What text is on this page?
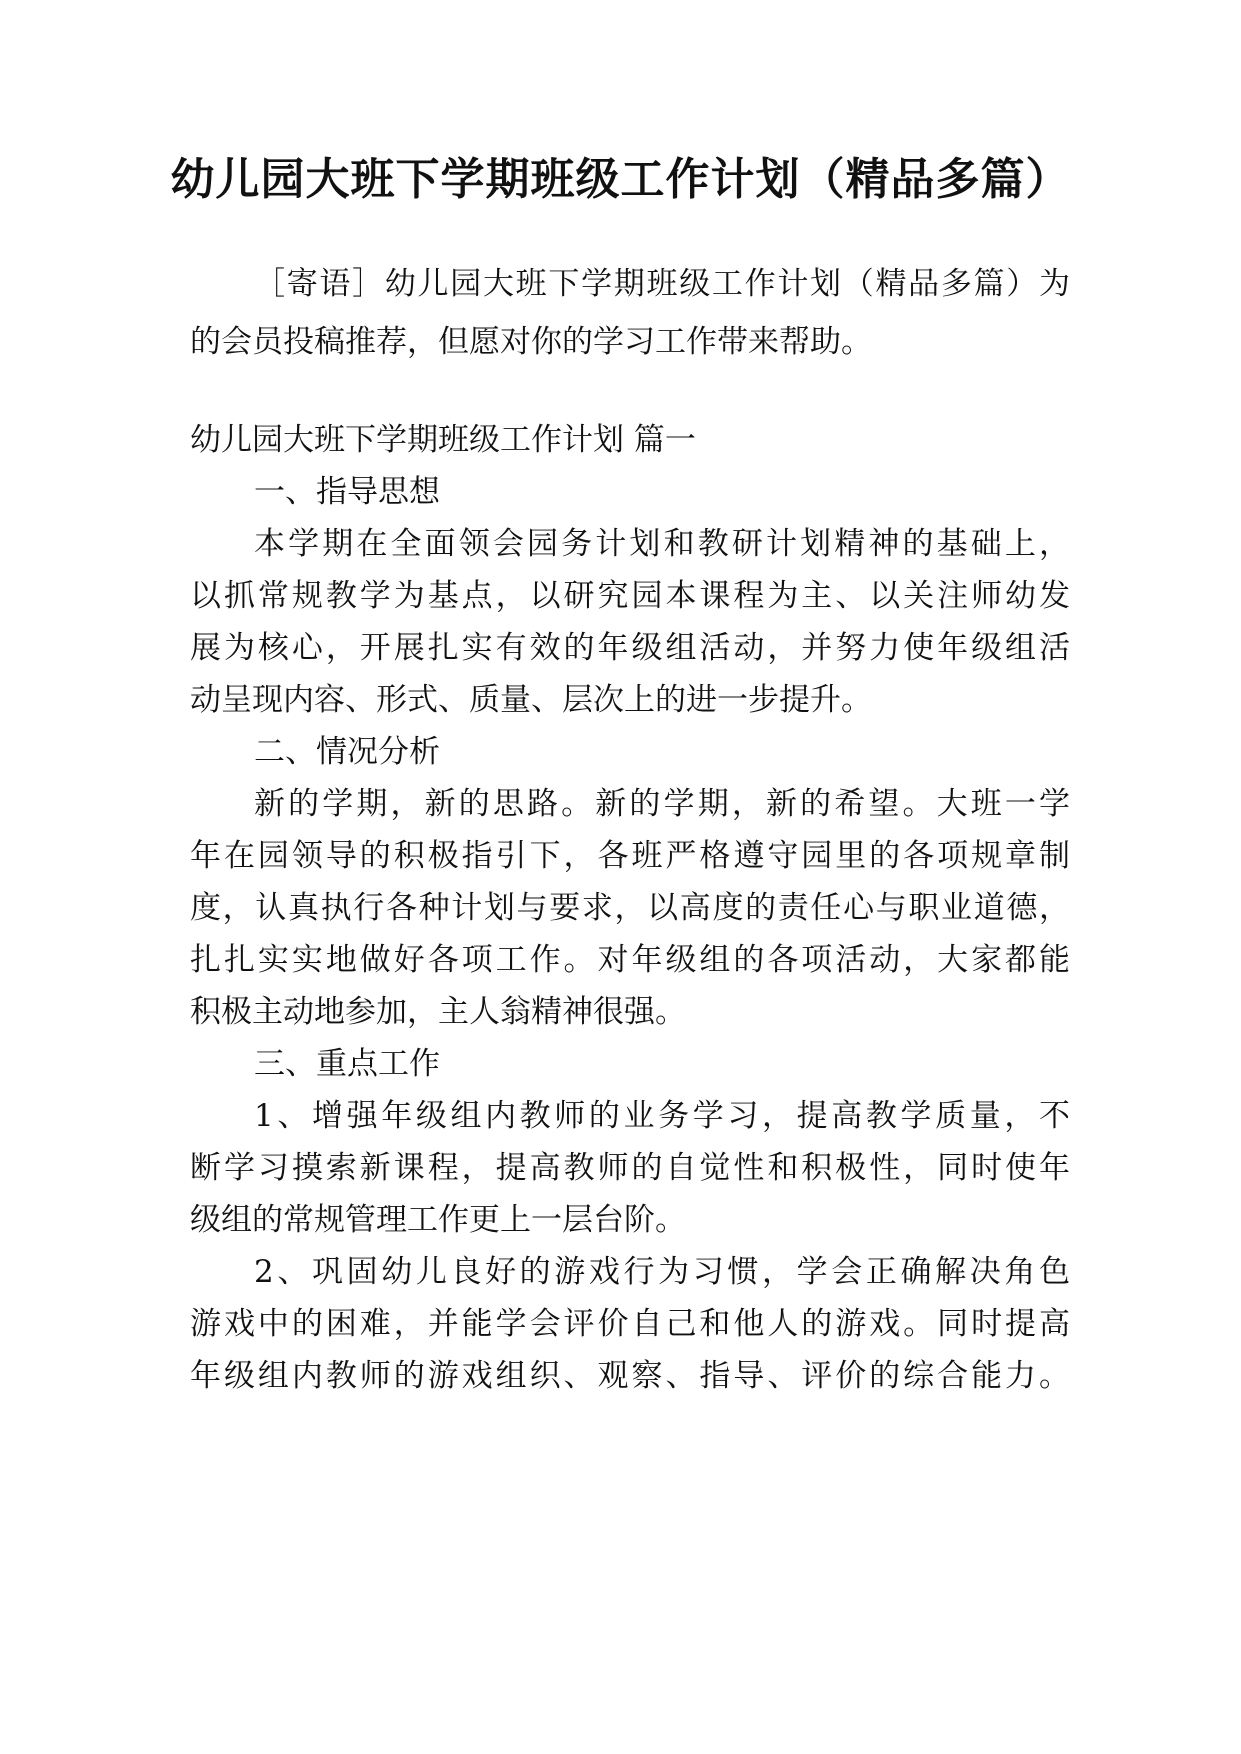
幼儿园大班下学期班级工作计划（精品多篇）
［寄语］幼儿园大班下学期班级工作计划（精品多篇）为
的会员投稿推荐，但愿对你的学习工作带来帮助。
幼儿园大班下学期班级工作计划 篇一
一、指导思想
本学期在全面领会园务计划和教研计划精神的基础上，
以抓常规教学为基点，以研究园本课程为主、以关注师幼发
展为核心，开展扎实有效的年级组活动，并努力使年级组活
动呈现内容、形式、质量、层次上的进一步提升。
二、情况分析
新的学期，新的思路。新的学期，新的希望。大班一学
年在园领导的积极指引下，各班严格遵守园里的各项规章制
度，认真执行各种计划与要求，以高度的责任心与职业道德，
扎扎实实地做好各项工作。对年级组的各项活动，大家都能
积极主动地参加，主人翁精神很强。
三、重点工作
1、增强年级组内教师的业务学习，提高教学质量，不
断学习摸索新课程，提高教师的自觉性和积极性，同时使年
级组的常规管理工作更上一层台阶。
2、巩固幼儿良好的游戏行为习惯，学会正确解决角色
游戏中的困难，并能学会评价自己和他人的游戏。同时提高
年级组内教师的游戏组织、观察、指导、评价的综合能力。
